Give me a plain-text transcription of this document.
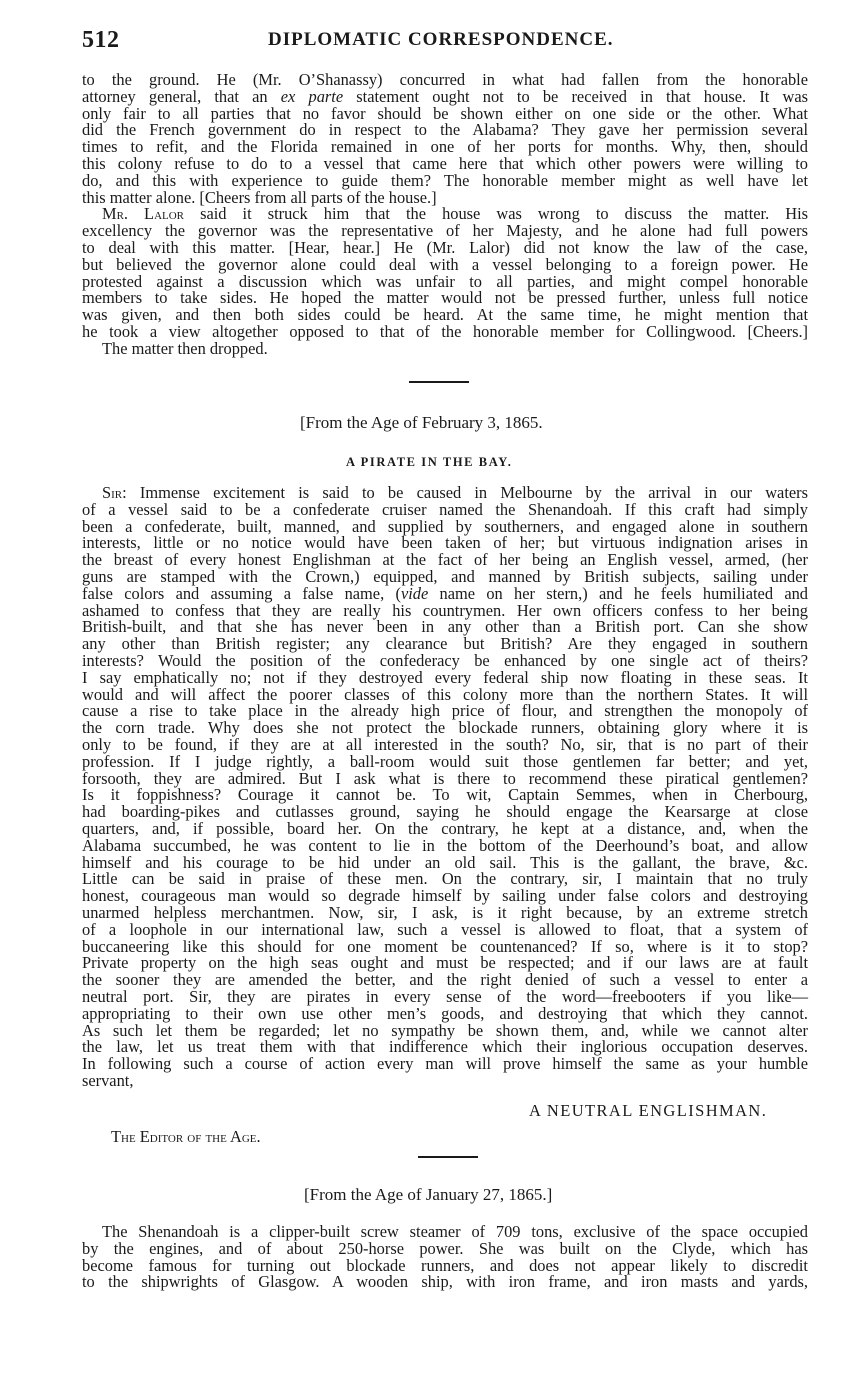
512	DIPLOMATIC CORRESPONDENCE.
to the ground. He (Mr. O’Shanassy) concurred in what had fallen from the honorable
attorney general, that an ex parte statement ought not to be received in that house. It was
only fair to all parties that no favor should be shown either on one side or the other. What
did the French government do in respect to the Alabama? They gave her permission several
times to refit, and the Florida remained in one of her ports for months. Why, then, should
this colony refuse to do to a vessel that came here that which other powers were willing to
do, and this with experience to guide them? The honorable member might as well have let
this matter alone. [Cheers from all parts of the house.]
Mr. Lalor said it struck him that the house was wrong to discuss the matter. His
excellency the governor was the representative of her Majesty, and he alone had full powers
to deal with this matter. [Hear, hear.] He (Mr. Lalor) did not know the law of the case,
but believed the governor alone could deal with a vessel belonging to a foreign power. He
protested against a discussion which was unfair to all parties, and might compel honorable
members to take sides. He hoped the matter would not be pressed further, unless full notice
was given, and then both sides could be heard. At the same time, he might mention that
he took a view altogether opposed to that of the honorable member for Collingwood. [Cheers.]
The matter then dropped.
[From the Age of February 3, 1865.
A PIRATE IN THE BAY.
Sir: Immense excitement is said to be caused in Melbourne by the arrival in our waters
of a vessel said to be a confederate cruiser named the Shenandoah. If this craft had simply
been a confederate, built, manned, and supplied by southerners, and engaged alone in southern
interests, little or no notice would have been taken of her; but virtuous indignation arises in
the breast of every honest Englishman at the fact of her being an English vessel, armed, (her
guns are stamped with the Crown,) equipped, and manned by British subjects, sailing under
false colors and assuming a false name, (vide name on her stern,) and he feels humiliated and
ashamed to confess that they are really his countrymen. Her own officers confess to her being
British-built, and that she has never been in any other than a British port. Can she show
any other than British register; any clearance but British? Are they engaged in southern
interests? Would the position of the confederacy be enhanced by one single act of theirs?
I say emphatically no; not if they destroyed every federal ship now floating in these seas. It
would and will affect the poorer classes of this colony more than the northern States. It will
cause a rise to take place in the already high price of flour, and strengthen the monopoly of
the corn trade. Why does she not protect the blockade runners, obtaining glory where it is
only to be found, if they are at all interested in the south? No, sir, that is no part of their
profession. If I judge rightly, a ball-room would suit those gentlemen far better; and yet,
forsooth, they are admired. But I ask what is there to recommend these piratical gentlemen?
Is it foppishness? Courage it cannot be. To wit, Captain Semmes, when in Cherbourg,
had boarding-pikes and cutlasses ground, saying he should engage the Kearsarge at close
quarters, and, if possible, board her. On the contrary, he kept at a distance, and, when the
Alabama succumbed, he was content to lie in the bottom of the Deerhound’s boat, and allow
himself and his courage to be hid under an old sail. This is the gallant, the brave, &c.
Little can be said in praise of these men. On the contrary, sir, I maintain that no truly
honest, courageous man would so degrade himself by sailing under false colors and destroying
unarmed helpless merchantmen. Now, sir, I ask, is it right because, by an extreme stretch
of a loophole in our international law, such a vessel is allowed to float, that a system of
buccaneering like this should for one moment be countenanced? If so, where is it to stop?
Private property on the high seas ought and must be respected; and if our laws are at fault
the sooner they are amended the better, and the right denied of such a vessel to enter a
neutral port. Sir, they are pirates in every sense of the word—freebooters if you like—
appropriating to their own use other men’s goods, and destroying that which they cannot.
As such let them be regarded; let no sympathy be shown them, and, while we cannot alter
the law, let us treat them with that indifference which their inglorious occupation deserves.
In following such a course of action every man will prove himself the same as your humble
servant,
A NEUTRAL ENGLISHMAN.
The Editor of the Age.
[From the Age of January 27, 1865.]
The Shenandoah is a clipper-built screw steamer of 709 tons, exclusive of the space occupied
by the engines, and of about 250-horse power. She was built on the Clyde, which has
become famous for turning out blockade runners, and does not appear likely to discredit
to the shipwrights of Glasgow. A wooden ship, with iron frame, and iron masts and yards,
